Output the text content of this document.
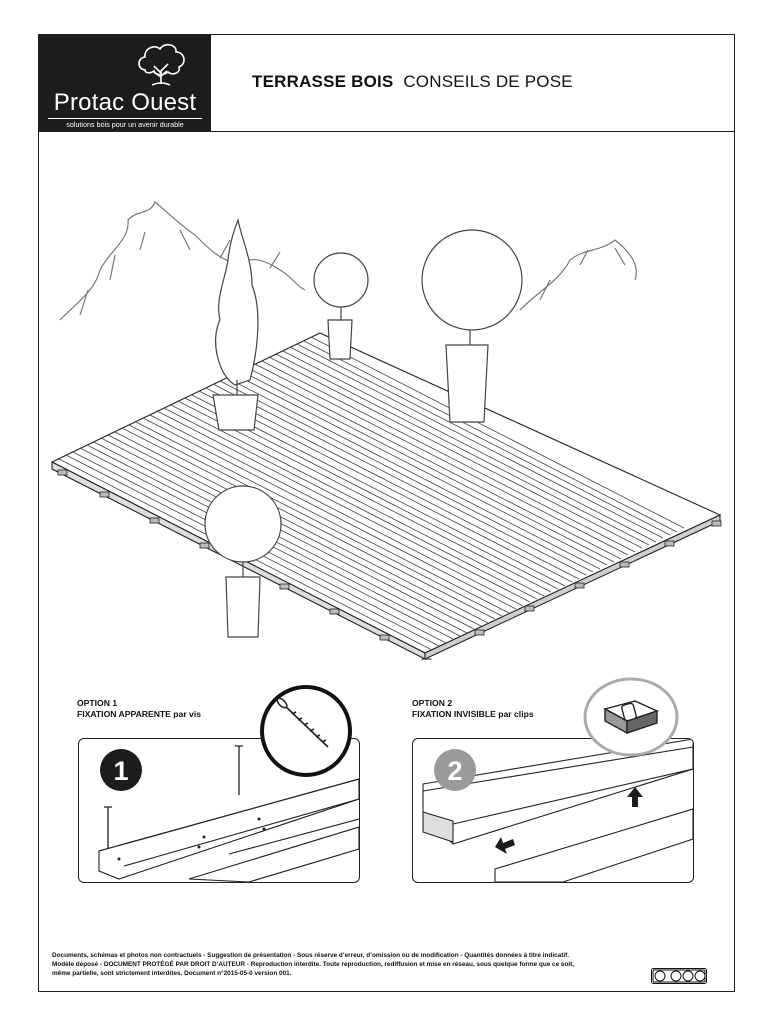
Protac Ouest
solutions bois pour un avenir durable
TERRASSE BOIS CONSEILS DE POSE
OPTION 1
FIXATION APPARENTE par vis
1
OPTION 2
FIXATION INVISIBLE par clips
2
Documents, schémas et photos non contractuels - Suggestion de présentation - Sous réserve d’erreur, d’omission ou de modification - Quantités données à titre indicatif.
Modèle déposé - DOCUMENT PROTÉGÉ PAR DROIT D’AUTEUR - Reproduction interdite. Toute reproduction, rediffusion et mise en réseau, sous quelque forme que ce soit,
même partielle, sont strictement interdites. Document n°2015-05-0 version 001.
